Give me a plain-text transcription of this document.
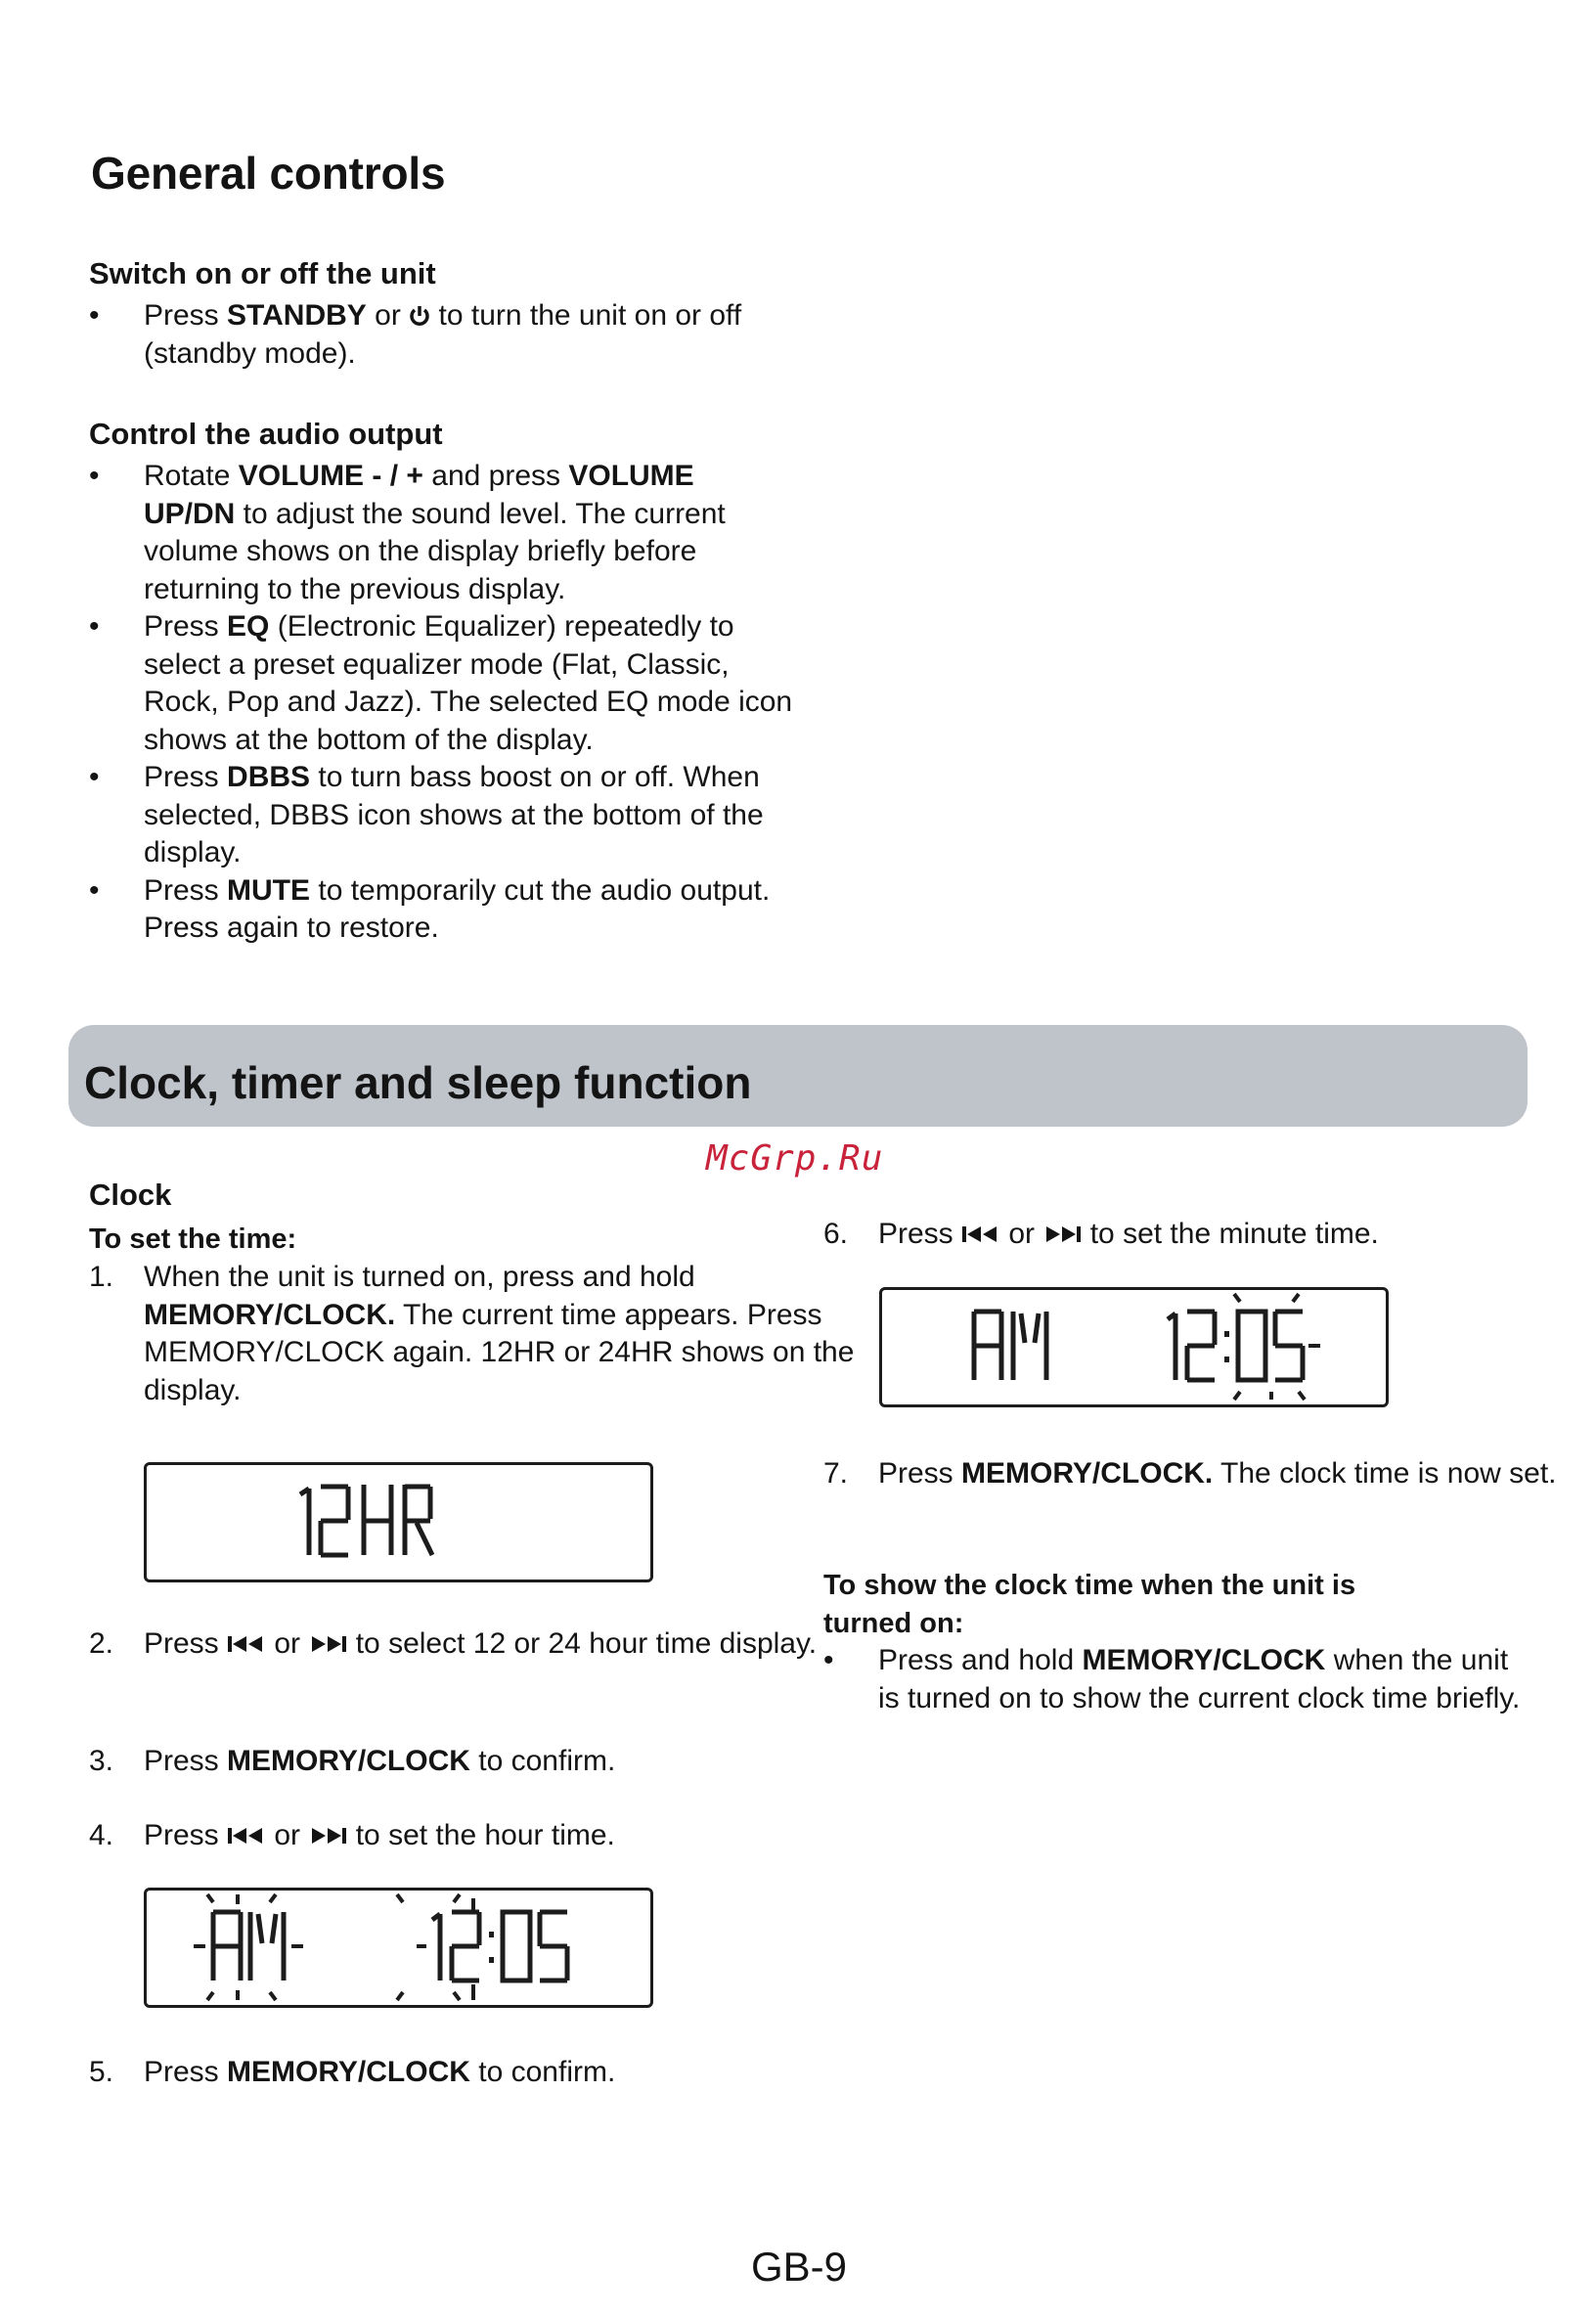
General controls
Switch on or off the unit
• Press STANDBY or  to turn the unit on or off (standby mode).
Control the audio output
• Rotate VOLUME - / + and press VOLUME UP/DN to adjust the sound level. The current volume shows on the display briefly before returning to the previous display.
• Press EQ (Electronic Equalizer) repeatedly to select a preset equalizer mode (Flat, Classic, Rock, Pop and Jazz). The selected EQ mode icon shows at the bottom of the display.
• Press DBBS to turn bass boost on or off. When selected, DBBS icon shows at the bottom of the display.
• Press MUTE to temporarily cut the audio output. Press again to restore.
Clock, timer and sleep function
McGrp.Ru
Clock
To set the time:
1. When the unit is turned on, press and hold MEMORY/CLOCK. The current time appears. Press MEMORY/CLOCK again. 12HR or 24HR shows on the display.
2. Press  or  to select 12 or 24 hour time display.
3. Press MEMORY/CLOCK to confirm.
4. Press  or  to set the hour time.
5. Press MEMORY/CLOCK to confirm.
6. Press  or  to set the minute time.
7. Press MEMORY/CLOCK. The clock time is now set.
To show the clock time when the unit is turned on:
• Press and hold MEMORY/CLOCK when the unit is turned on to show the current clock time briefly.
GB-9
